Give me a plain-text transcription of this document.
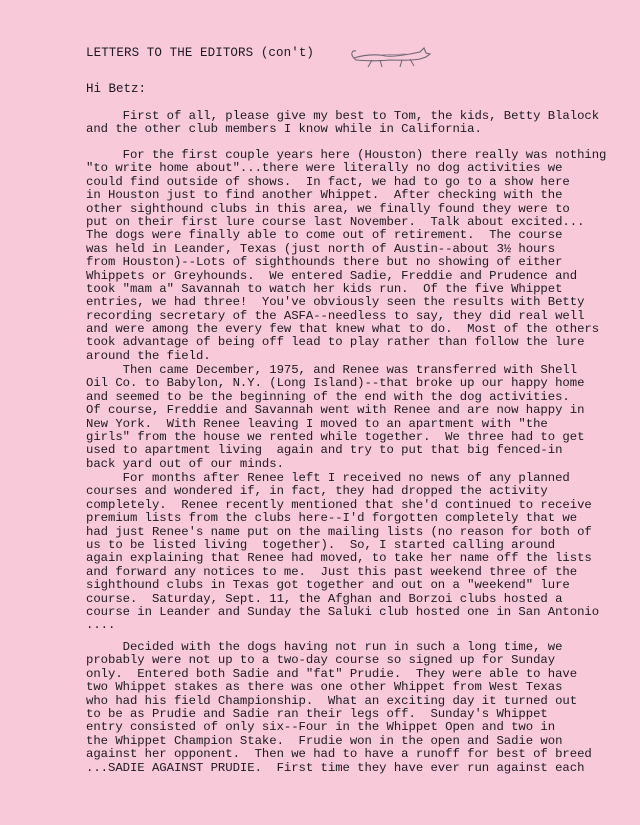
LETTERS TO THE EDITORS (con't)
Hi Betz:
First of all, please give my best to Tom, the kids, Betty Blalock
and the other club members I know while in California.
For the first couple years here (Houston) there really was nothing
"to write home about"...there were literally no dog activities we
could find outside of shows.  In fact, we had to go to a show here
in Houston just to find another Whippet.  After checking with the
other sighthound clubs in this area, we finally found they were to
put on their first lure course last November.  Talk about excited...
The dogs were finally able to come out of retirement.  The course
was held in Leander, Texas (just north of Austin--about 3½ hours
from Houston)--Lots of sighthounds there but no showing of either
Whippets or Greyhounds.  We entered Sadie, Freddie and Prudence and
took "mam a" Savannah to watch her kids run.  Of the five Whippet
entries, we had three!  You've obviously seen the results with Betty
recording secretary of the ASFA--needless to say, they did real well
and were among the every few that knew what to do.  Most of the others
took advantage of being off lead to play rather than follow the lure
around the field.
Then came December, 1975, and Renee was transferred with Shell
Oil Co. to Babylon, N.Y. (Long Island)--that broke up our happy home
and seemed to be the beginning of the end with the dog activities.
Of course, Freddie and Savannah went with Renee and are now happy in
New York.  With Renee leaving I moved to an apartment with "the
girls" from the house we rented while together.  We three had to get
used to apartment living  again and try to put that big fenced-in
back yard out of our minds.
For months after Renee left I received no news of any planned
courses and wondered if, in fact, they had dropped the activity
completely.  Renee recently mentioned that she'd continued to receive
premium lists from the clubs here--I'd forgotten completely that we
had just Renee's name put on the mailing lists (no reason for both of
us to be listed living  together).  So, I started calling around
again explaining that Renee had moved, to take her name off the lists
and forward any notices to me.  Just this past weekend three of the
sighthound clubs in Texas got together and out on a "weekend" lure
course.  Saturday, Sept. 11, the Afghan and Borzoi clubs hosted a
course in Leander and Sunday the Saluki club hosted one in San Antonio
....
Decided with the dogs having not run in such a long time, we
probably were not up to a two-day course so signed up for Sunday
only.  Entered both Sadie and "fat" Prudie.  They were able to have
two Whippet stakes as there was one other Whippet from West Texas
who had his field Championship.  What an exciting day it turned out
to be as Prudie and Sadie ran their legs off.  Sunday's Whippet
entry consisted of only six--Four in the Whippet Open and two in
the Whippet Champion Stake.  Frudie won in the open and Sadie won
against her opponent.  Then we had to have a runoff for best of breed
...SADIE AGAINST PRUDIE.  First time they have ever run against each
